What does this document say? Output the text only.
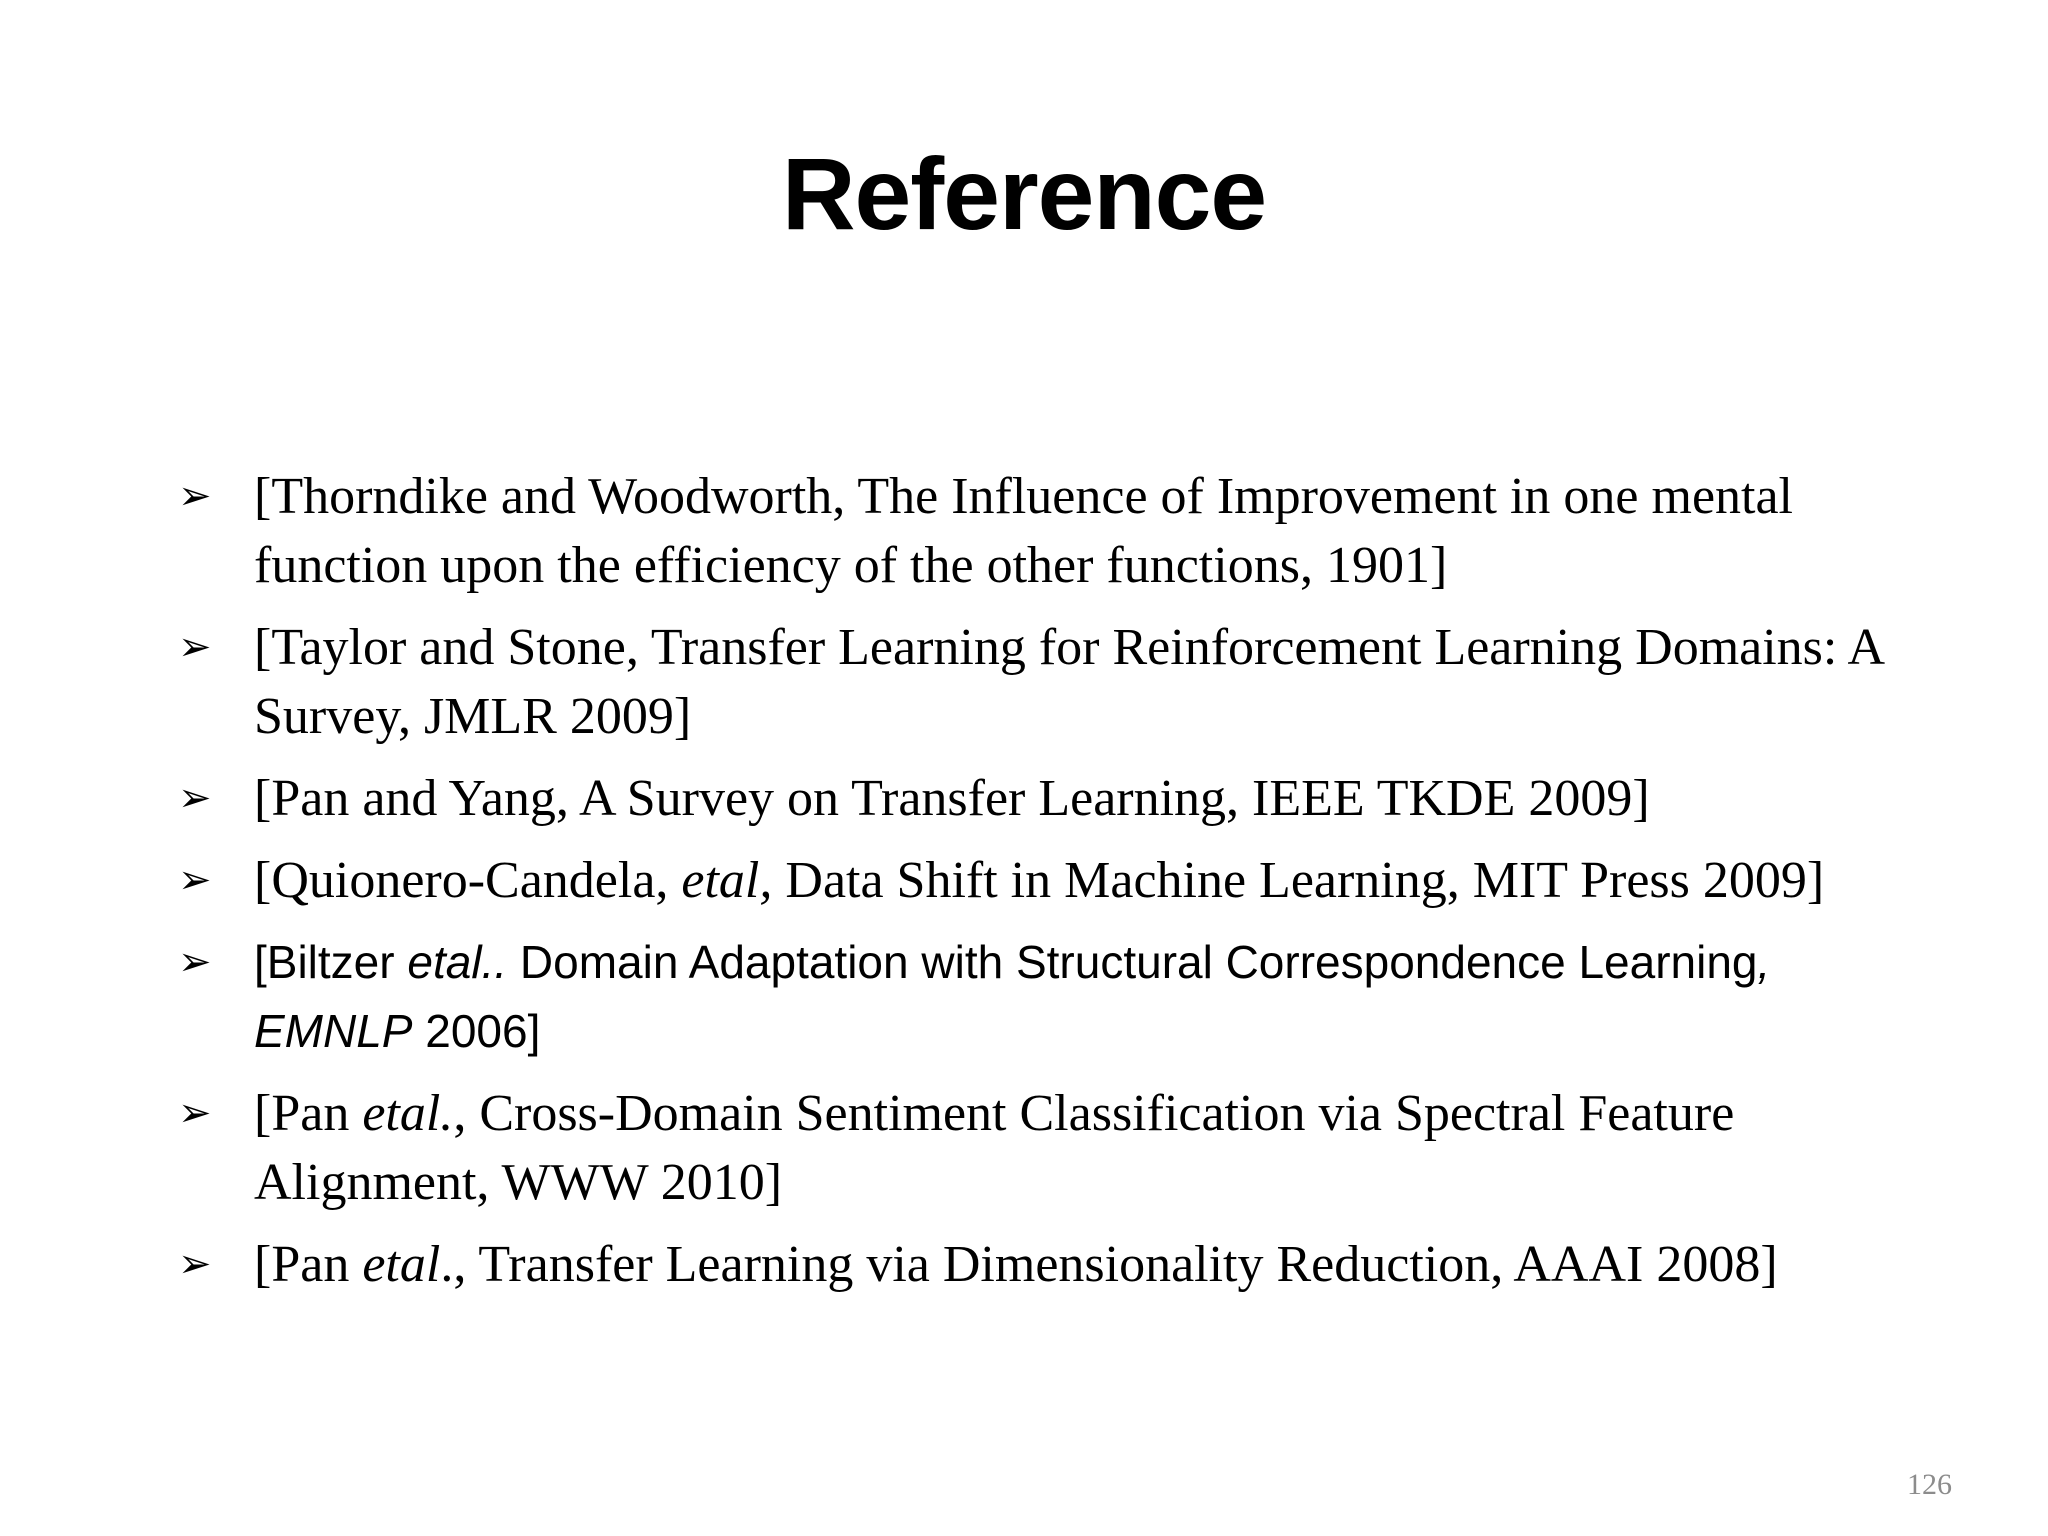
Reference
➢ [Thorndike and Woodworth, The Influence of Improvement in one mental function upon the efficiency of the other functions, 1901]
➢ [Taylor and Stone, Transfer Learning for Reinforcement Learning Domains: A Survey, JMLR 2009]
➢ [Pan and Yang, A Survey on Transfer Learning, IEEE TKDE 2009]
➢ [Quionero-Candela, etal, Data Shift in Machine Learning, MIT Press 2009]
➢ [Biltzer etal.. Domain Adaptation with Structural Correspondence Learning, EMNLP 2006]
➢ [Pan etal., Cross-Domain Sentiment Classification via Spectral Feature Alignment, WWW 2010]
➢ [Pan etal., Transfer Learning via Dimensionality Reduction, AAAI 2008]
126
